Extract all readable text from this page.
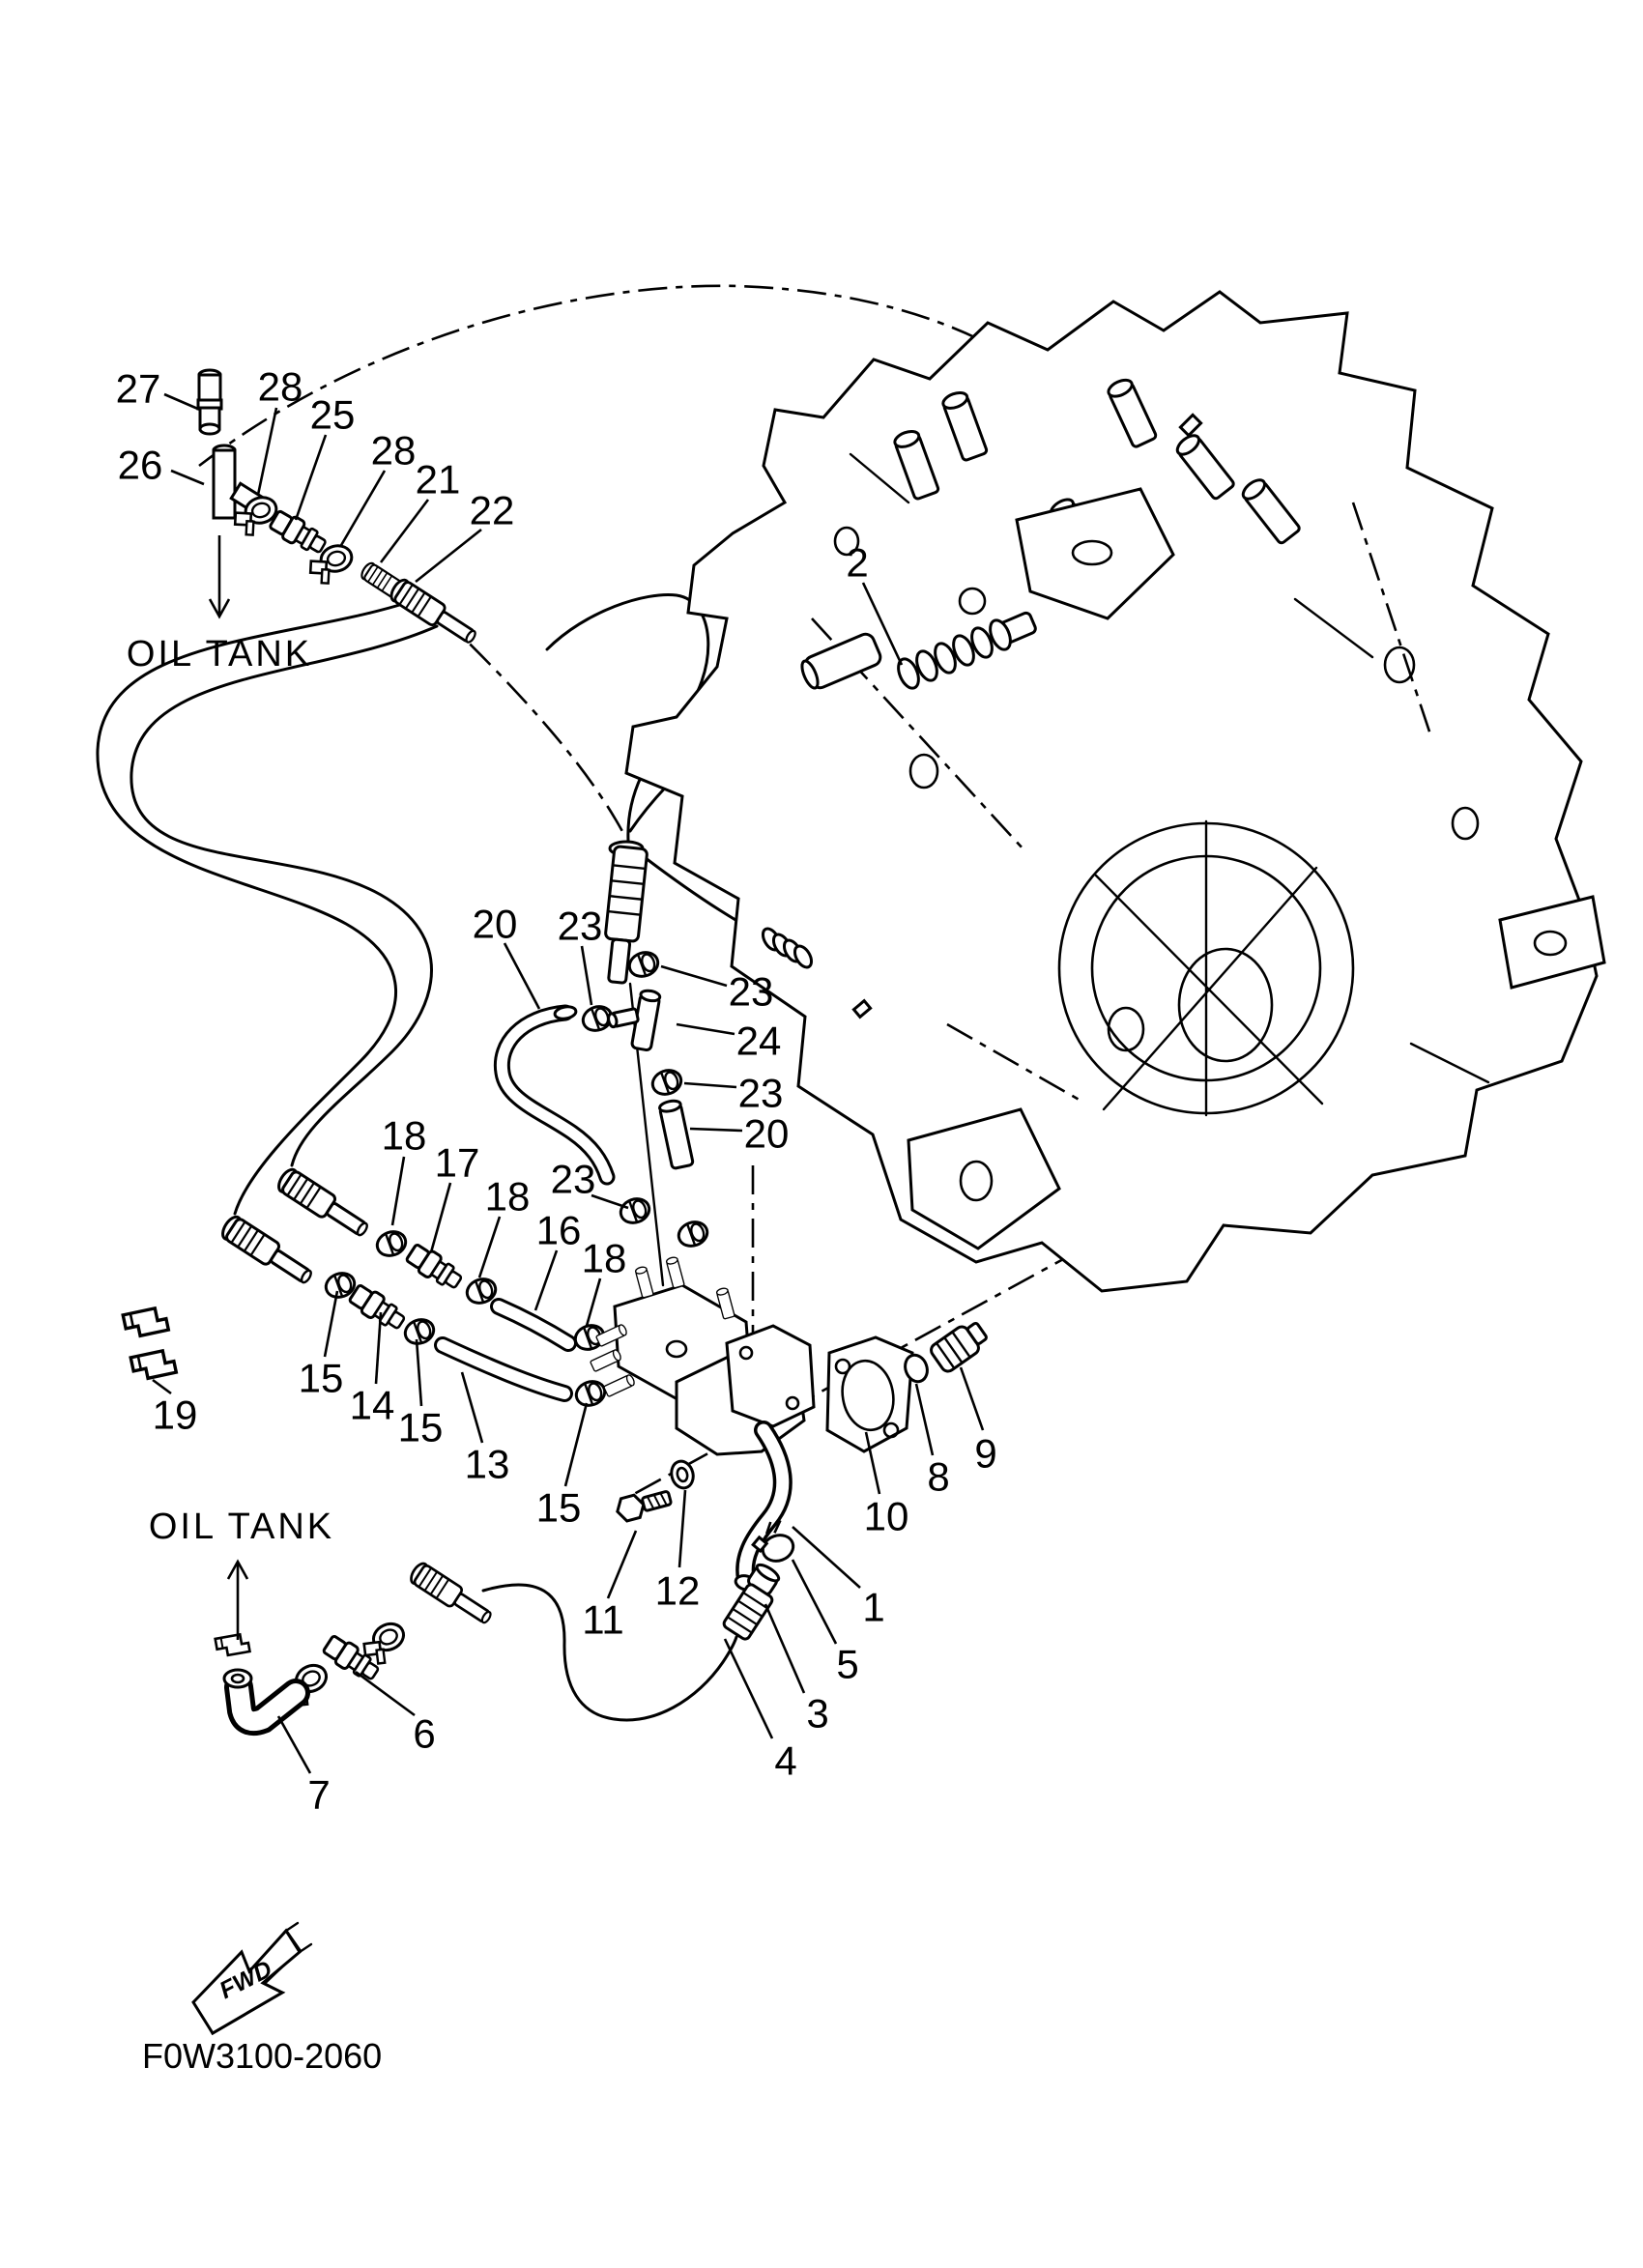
OIL TANK
OIL TANK
27 28
25
28
21
22
26
2
20 23
23
24
23
20
18
17
18 23
16
18
19
15
14 15
13
15
11
12
10
8
9
1
5
3
4
6
7
FWD
F0W3100-2060
